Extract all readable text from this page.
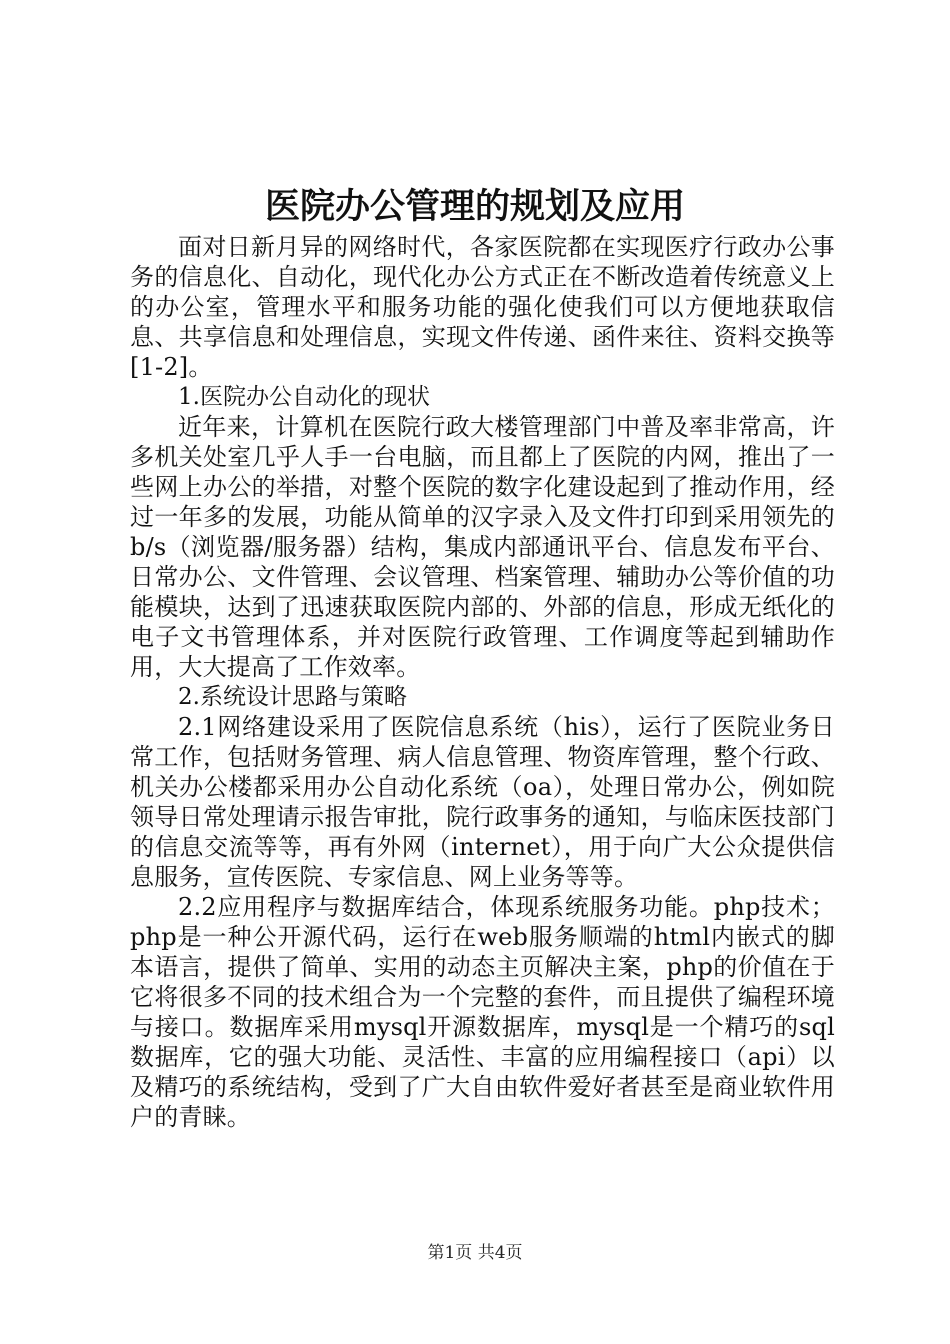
医院办公管理的规划及应用

面对日新月异的网络时代，各家医院都在实现医疗行政办公事务的信息化、自动化，现代化办公方式正在不断改造着传统意义上的办公室，管理水平和服务功能的强化使我们可以方便地获取信息、共享信息和处理信息，实现文件传递、函件来往、资料交换等[1-2]。

1.医院办公自动化的现状

近年来，计算机在医院行政大楼管理部门中普及率非常高，许多机关处室几乎人手一台电脑，而且都上了医院的内网，推出了一些网上办公的举措，对整个医院的数字化建设起到了推动作用，经过一年多的发展，功能从简单的汉字录入及文件打印到采用领先的b/s（浏览器/服务器）结构，集成内部通讯平台、信息发布平台、日常办公、文件管理、会议管理、档案管理、辅助办公等价值的功能模块，达到了迅速获取医院内部的、外部的信息，形成无纸化的电子文书管理体系，并对医院行政管理、工作调度等起到辅助作用，大大提高了工作效率。

2.系统设计思路与策略

2.1网络建设采用了医院信息系统（his），运行了医院业务日常工作，包括财务管理、病人信息管理、物资库管理，整个行政、机关办公楼都采用办公自动化系统（oa），处理日常办公，例如院领导日常处理请示报告审批，院行政事务的通知，与临床医技部门的信息交流等等，再有外网（internet），用于向广大公众提供信息服务，宣传医院、专家信息、网上业务等等。

2.2应用程序与数据库结合，体现系统服务功能。php技术；php是一种公开源代码，运行在web服务顺端的html内嵌式的脚本语言，提供了简单、实用的动态主页解决主案，php的价值在于它将很多不同的技术组合为一个完整的套件，而且提供了编程环境与接口。数据库采用mysql开源数据库，mysql是一个精巧的sql数据库，它的强大功能、灵活性、丰富的应用编程接口（api）以及精巧的系统结构，受到了广大自由软件爱好者甚至是商业软件用户的青睐。

第1页 共4页
